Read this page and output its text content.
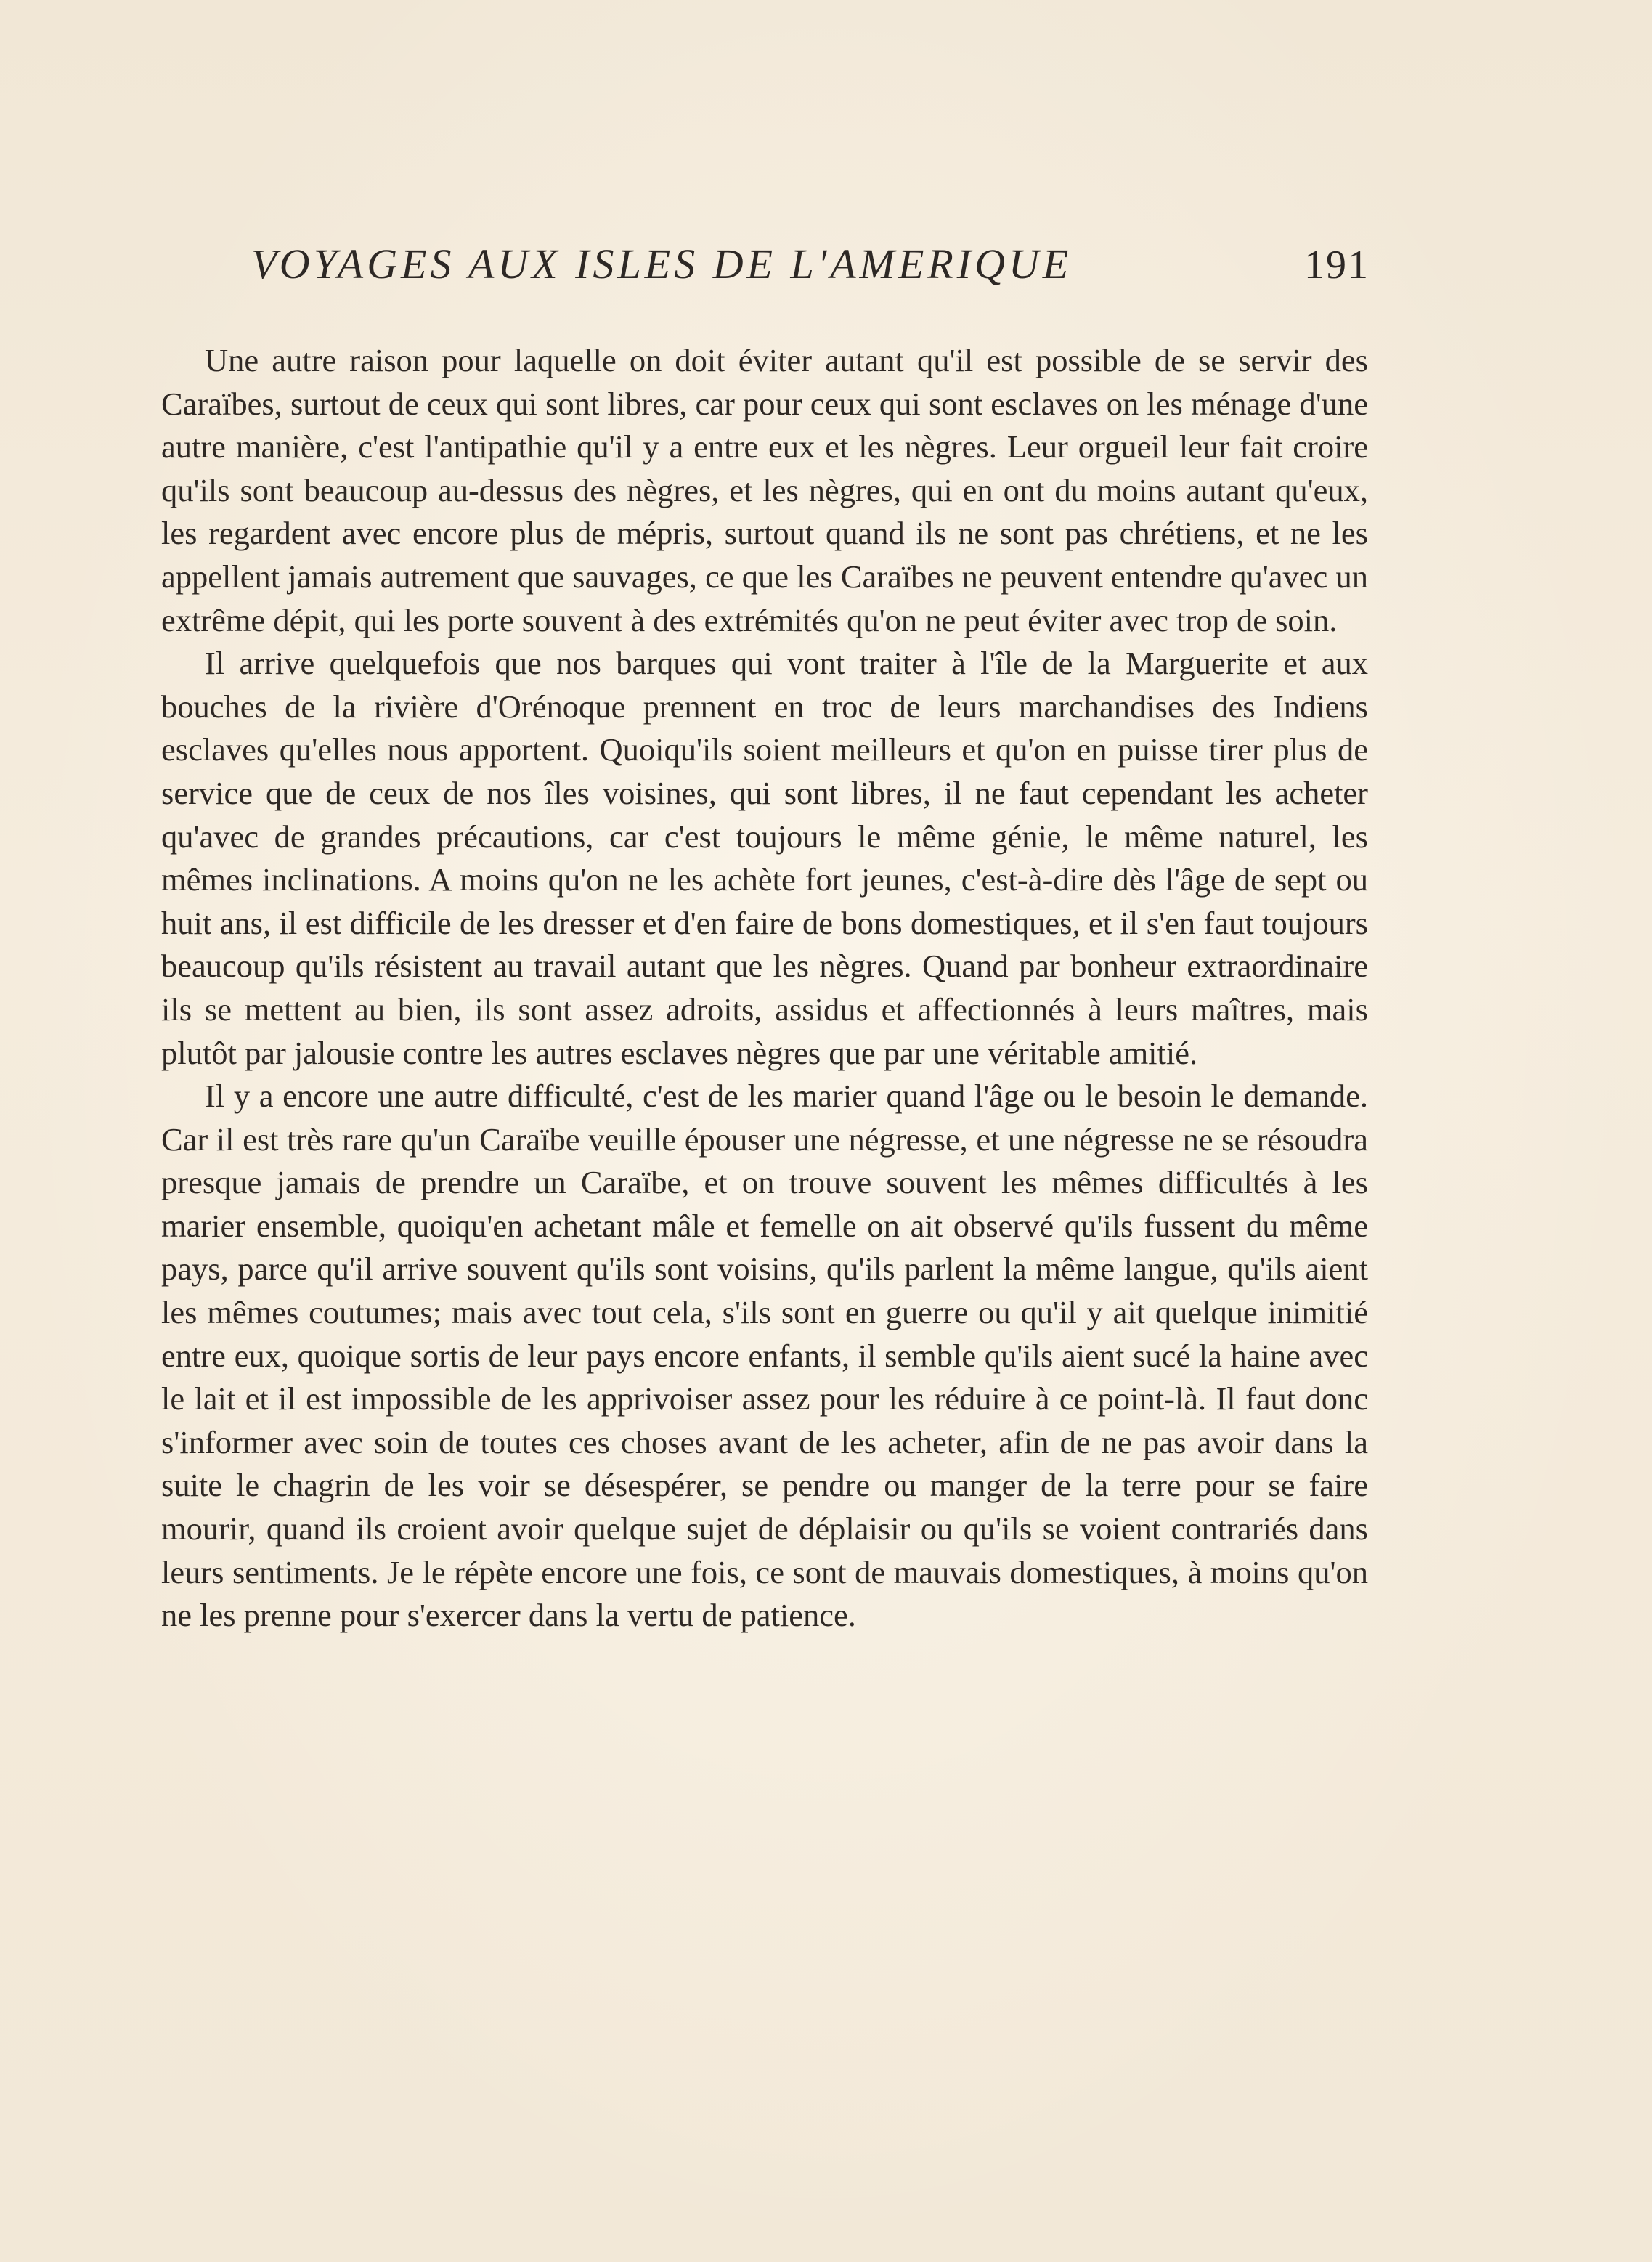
VOYAGES AUX ISLES DE L'AMERIQUE	191

Une autre raison pour laquelle on doit éviter autant qu'il est possible de se servir des Caraïbes, surtout de ceux qui sont libres, car pour ceux qui sont esclaves on les ménage d'une autre manière, c'est l'antipathie qu'il y a entre eux et les nègres. Leur orgueil leur fait croire qu'ils sont beaucoup au-dessus des nègres, et les nègres, qui en ont du moins autant qu'eux, les regardent avec encore plus de mépris, surtout quand ils ne sont pas chrétiens, et ne les appellent jamais autrement que sauvages, ce que les Caraïbes ne peuvent entendre qu'avec un extrême dépit, qui les porte souvent à des extrémités qu'on ne peut éviter avec trop de soin.

Il arrive quelquefois que nos barques qui vont traiter à l'île de la Marguerite et aux bouches de la rivière d'Orénoque prennent en troc de leurs marchandises des Indiens esclaves qu'elles nous apportent. Quoiqu'ils soient meilleurs et qu'on en puisse tirer plus de service que de ceux de nos îles voisines, qui sont libres, il ne faut cependant les acheter qu'avec de grandes précautions, car c'est toujours le même génie, le même naturel, les mêmes inclinations. A moins qu'on ne les achète fort jeunes, c'est-à-dire dès l'âge de sept ou huit ans, il est difficile de les dresser et d'en faire de bons domestiques, et il s'en faut toujours beaucoup qu'ils résistent au travail autant que les nègres. Quand par bonheur extraordinaire ils se mettent au bien, ils sont assez adroits, assidus et affectionnés à leurs maîtres, mais plutôt par jalousie contre les autres esclaves nègres que par une véritable amitié.

Il y a encore une autre difficulté, c'est de les marier quand l'âge ou le besoin le demande. Car il est très rare qu'un Caraïbe veuille épouser une négresse, et une négresse ne se résoudra presque jamais de prendre un Caraïbe, et on trouve souvent les mêmes difficultés à les marier ensemble, quoiqu'en achetant mâle et femelle on ait observé qu'ils fussent du même pays, parce qu'il arrive souvent qu'ils sont voisins, qu'ils parlent la même langue, qu'ils aient les mêmes coutumes; mais avec tout cela, s'ils sont en guerre ou qu'il y ait quelque inimitié entre eux, quoique sortis de leur pays encore enfants, il semble qu'ils aient sucé la haine avec le lait et il est impossible de les apprivoiser assez pour les réduire à ce point-là. Il faut donc s'informer avec soin de toutes ces choses avant de les acheter, afin de ne pas avoir dans la suite le chagrin de les voir se désespérer, se pendre ou manger de la terre pour se faire mourir, quand ils croient avoir quelque sujet de déplaisir ou qu'ils se voient contrariés dans leurs sentiments. Je le répète encore une fois, ce sont de mauvais domestiques, à moins qu'on ne les prenne pour s'exercer dans la vertu de patience.
